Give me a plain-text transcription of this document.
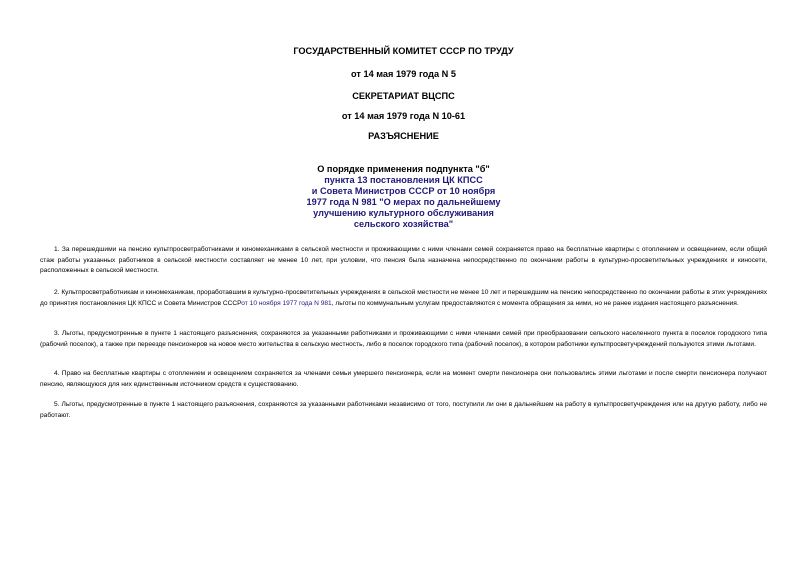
ГОСУДАРСТВЕННЫЙ КОМИТЕТ СССР ПО ТРУДУ
от 14 мая 1979 года N 5
СЕКРЕТАРИАТ ВЦСПС
от 14 мая 1979 года N 10-61
РАЗЪЯСНЕНИЕ
О порядке применения подпункта "б"
пункта 13 постановления ЦК КПСС
и Совета Министров СССР от 10 ноября
1977 года N 981 "О мерах по дальнейшему
улучшению культурного обслуживания
сельского хозяйства"

1. За перешедшими на пенсию культпросветработниками и киномеханиками в сельской местности и проживающими с ними членами семей сохраняется право на бесплатные квартиры с отоплением и освещением, если общий стаж работы указанных работников в сельской местности составляет не менее 10 лет, при условии, что пенсия была назначена непосредственно по окончании работы в культурно-просветительных учреждениях и киносети, расположенных в сельской местности.

2. Культпросветработникам и киномеханикам, проработавшим в культурно-просветительных учреждениях в сельской местности не менее 10 лет и перешедшим на пенсию непосредственно по окончании работы в этих учреждениях до принятия постановления ЦК КПСС и Совета Министров СССРот 10 ноября 1977 года N 981, льготы по коммунальным услугам предоставляются с момента обращения за ними, но не ранее издания настоящего разъяснения.

3. Льготы, предусмотренные в пункте 1 настоящего разъяснения, сохраняются за указанными работниками и проживающими с ними членами семей при преобразовании сельского населенного пункта в поселок городского типа (рабочий поселок), а также при переезде пенсионеров на новое место жительства в сельскую местность, либо в поселок городского типа (рабочий поселок), в котором работники культпросветучреждений пользуются этими льготами.

4. Право на бесплатные квартиры с отоплением и освещением сохраняется за членами семьи умершего пенсионера, если на момент смерти пенсионера они пользовались этими льготами и после смерти пенсионера получают пенсию, являющуюся для них единственным источником средств к существованию.

5. Льготы, предусмотренные в пункте 1 настоящего разъяснения, сохраняются за указанными работниками независимо от того, поступили ли они в дальнейшем на работу в культпросветучреждения или на другую работу, либо не работают.
